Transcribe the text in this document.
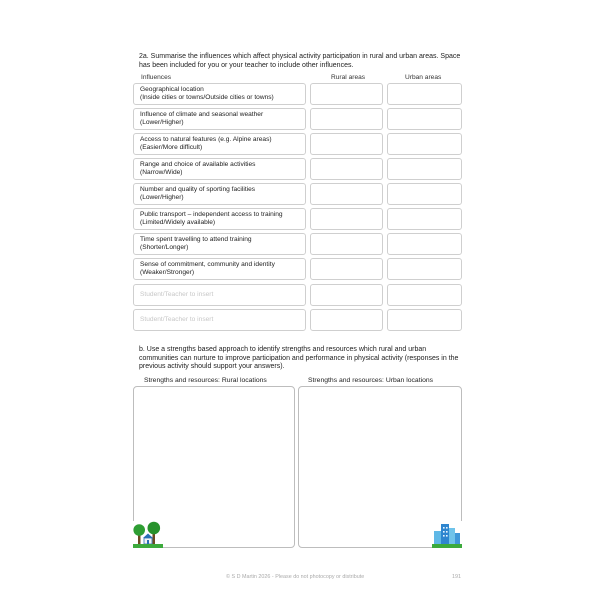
2a. Summarise the influences which affect physical activity participation in rural and urban areas. Space has been included for you or your teacher to include other influences.
Influences	Rural areas	Urban areas
Geographical location
(Inside cities or towns/Outside cities or towns)
Influence of climate and seasonal weather
(Lower/Higher)
Access to natural features (e.g. Alpine areas)
(Easier/More difficult)
Range and choice of available activities
(Narrow/Wide)
Number and quality of sporting facilities
(Lower/Higher)
Public transport – independent access to training
(Limited/Widely available)
Time spent travelling to attend training
(Shorter/Longer)
Sense of commitment, community and identity
(Weaker/Stronger)
Student/Teacher to insert
Student/Teacher to insert
b. Use a strengths based approach to identify strengths and resources which rural and urban communities can nurture to improve participation and performance in physical activity (responses in the previous activity should support your answers).
Strengths and resources: Rural locations	Strengths and resources: Urban locations
© S D Martin 2026 - Please do not photocopy or distribute	191
